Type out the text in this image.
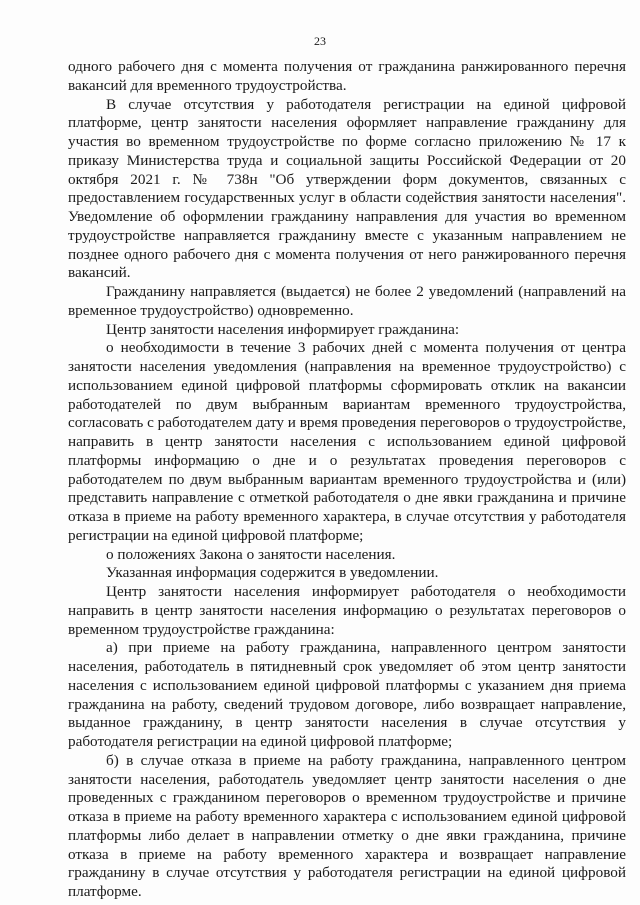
23

одного рабочего дня с момента получения от гражданина ранжированного перечня вакансий для временного трудоустройства.

В случае отсутствия у работодателя регистрации на единой цифровой платформе, центр занятости населения оформляет направление гражданину для участия во временном трудоустройстве по форме согласно приложению № 17 к приказу Министерства труда и социальной защиты Российской Федерации от 20 октября 2021 г. № 738н "Об утверждении форм документов, связанных с предоставлением государственных услуг в области содействия занятости населения". Уведомление об оформлении гражданину направления для участия во временном трудоустройстве направляется гражданину вместе с указанным направлением не позднее одного рабочего дня с момента получения от него ранжированного перечня вакансий.

Гражданину направляется (выдается) не более 2 уведомлений (направлений на временное трудоустройство) одновременно.

Центр занятости населения информирует гражданина:

о необходимости в течение 3 рабочих дней с момента получения от центра занятости населения уведомления (направления на временное трудоустройство) с использованием единой цифровой платформы сформировать отклик на вакансии работодателей по двум выбранным вариантам временного трудоустройства, согласовать с работодателем дату и время проведения переговоров о трудоустройстве, направить в центр занятости населения с использованием единой цифровой платформы информацию о дне и о результатах проведения переговоров с работодателем по двум выбранным вариантам временного трудоустройства и (или) представить направление с отметкой работодателя о дне явки гражданина и причине отказа в приеме на работу временного характера, в случае отсутствия у работодателя регистрации на единой цифровой платформе;

о положениях Закона о занятости населения.

Указанная информация содержится в уведомлении.

Центр занятости населения информирует работодателя о необходимости направить в центр занятости населения информацию о результатах переговоров о временном трудоустройстве гражданина:

а) при приеме на работу гражданина, направленного центром занятости населения, работодатель в пятидневный срок уведомляет об этом центр занятости населения с использованием единой цифровой платформы с указанием дня приема гражданина на работу, сведений трудовом договоре, либо возвращает направление, выданное гражданину, в центр занятости населения в случае отсутствия у работодателя регистрации на единой цифровой платформе;

б) в случае отказа в приеме на работу гражданина, направленного центром занятости населения, работодатель уведомляет центр занятости населения о дне проведенных с гражданином переговоров о временном трудоустройстве и причине отказа в приеме на работу временного характера с использованием единой цифровой платформы либо делает в направлении отметку о дне явки гражданина, причине отказа в приеме на работу временного характера и возвращает направление гражданину в случае отсутствия у работодателя регистрации на единой цифровой платформе.
